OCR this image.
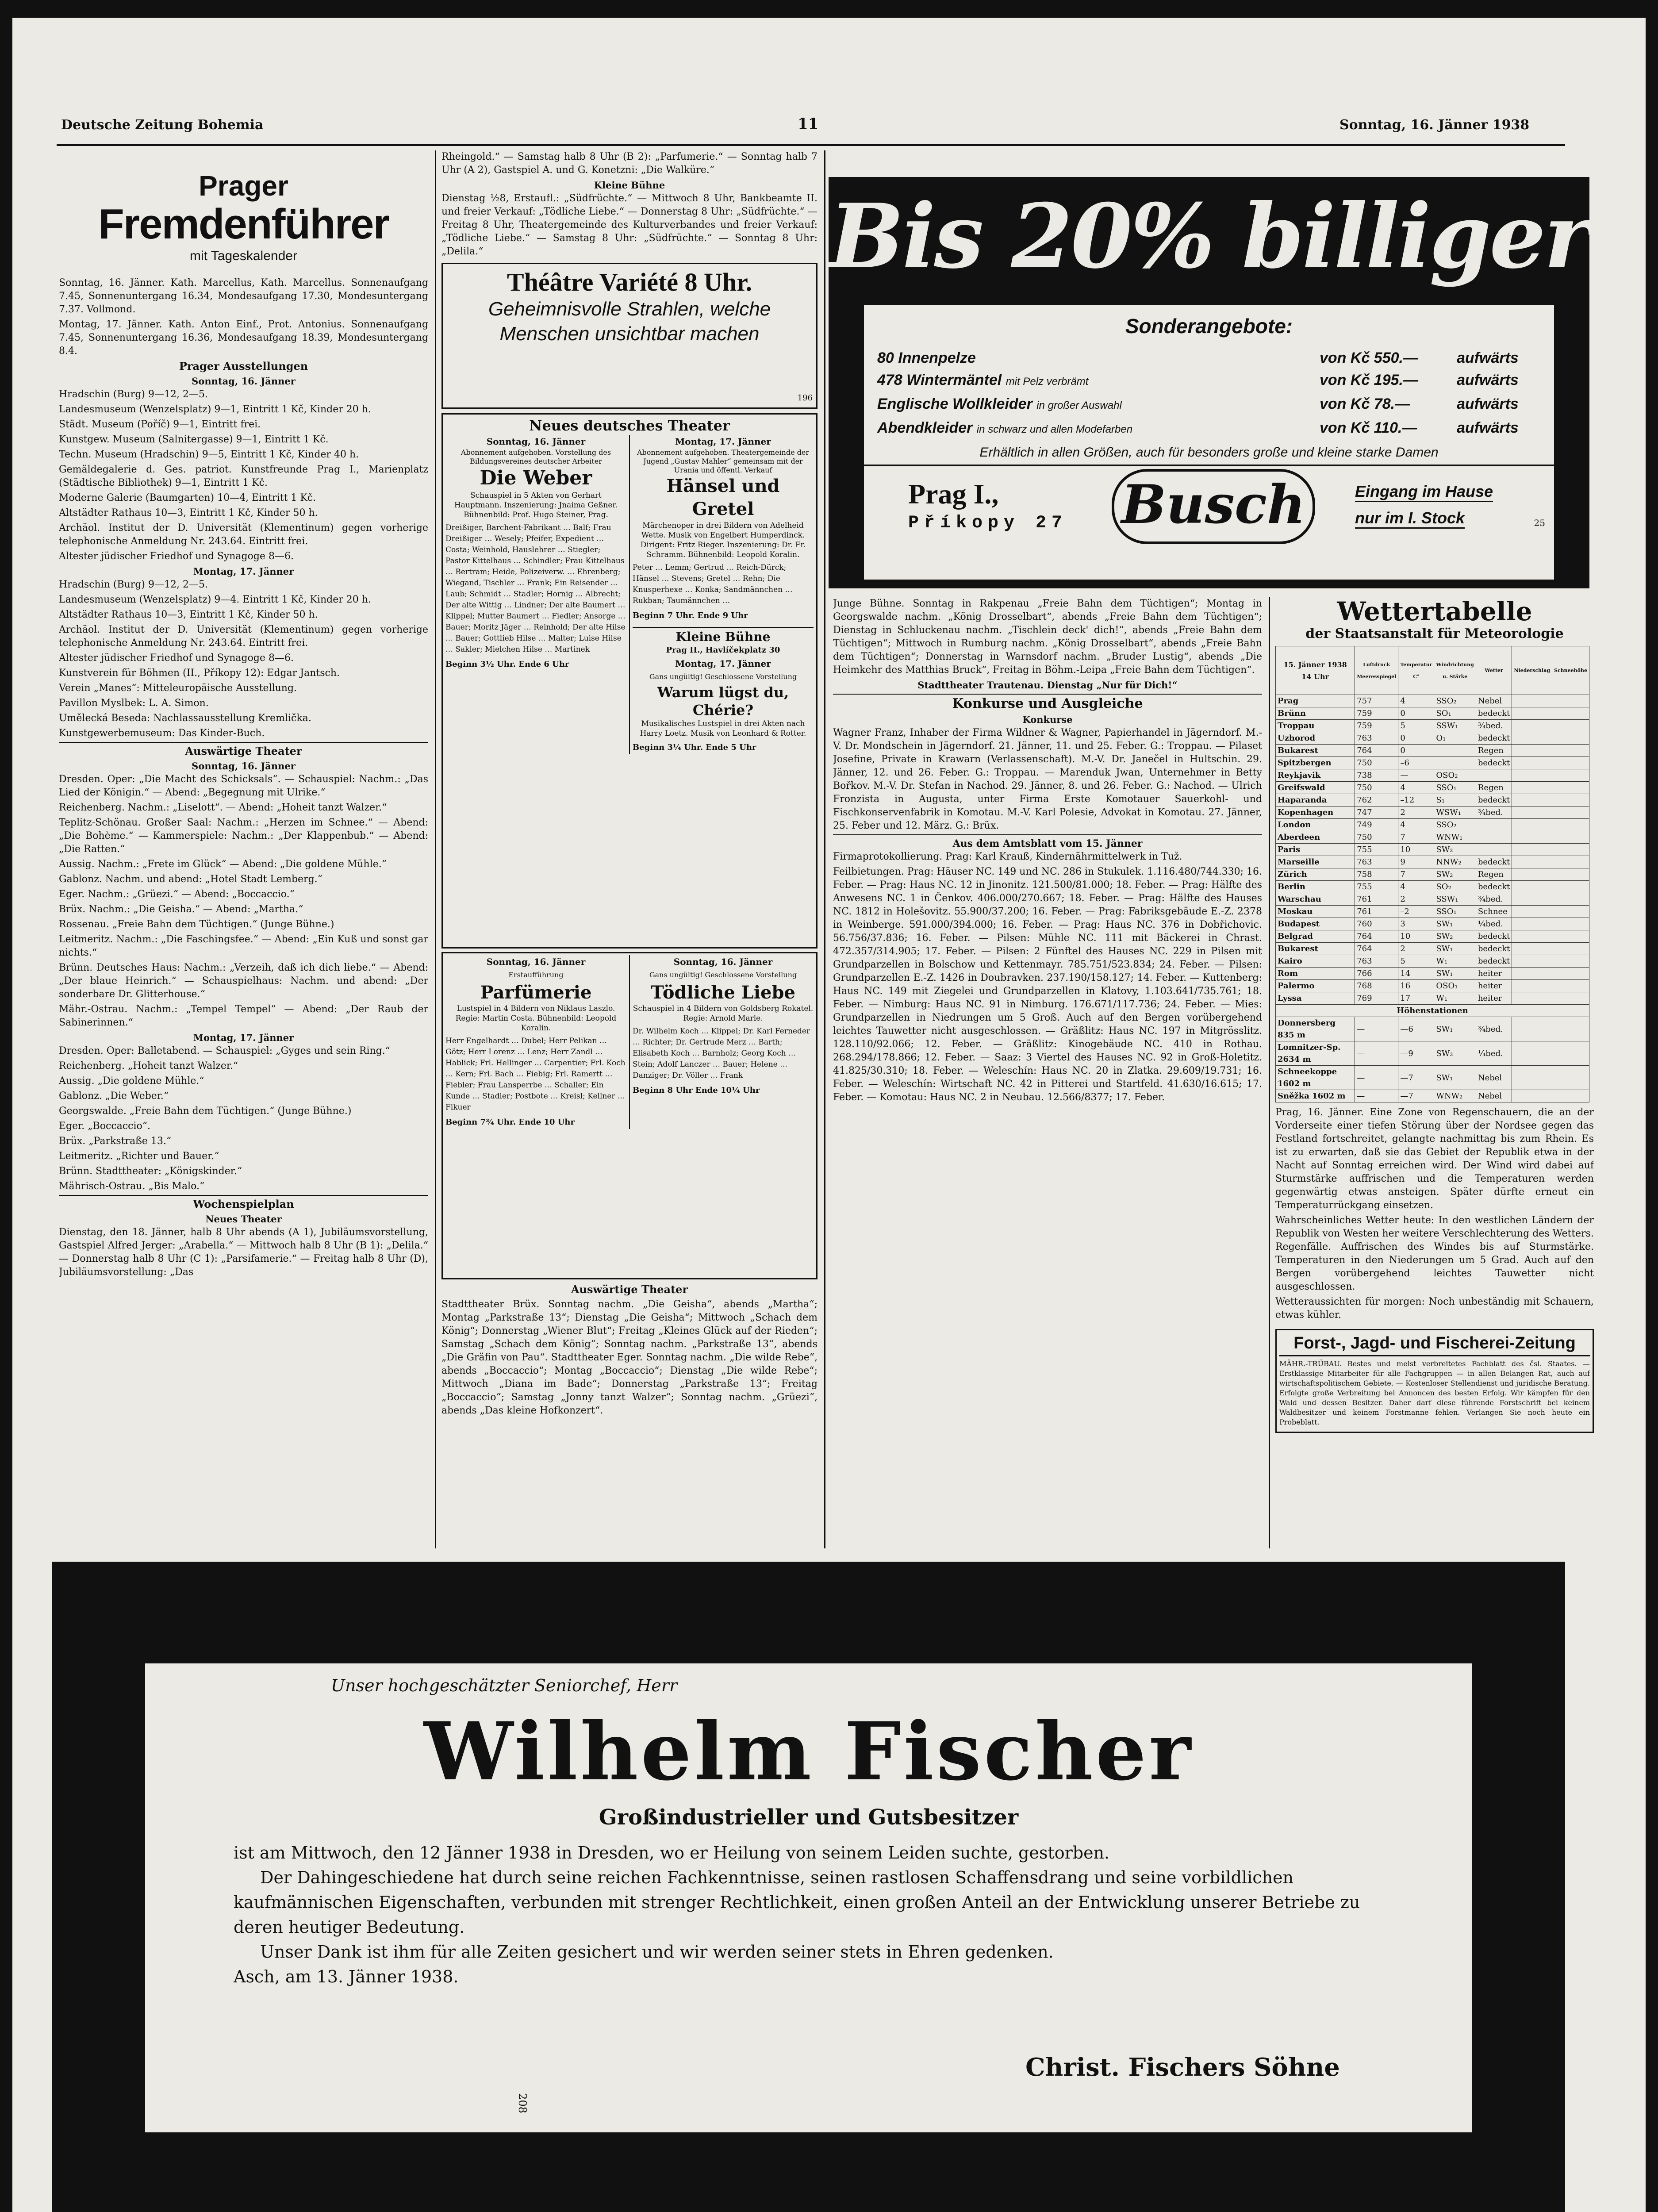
Deutsche Zeitung Bohemia	11	Sonntag, 16. Jänner 1938
Prager
Fremdenführer
mit Tageskalender

Sonntag, 16. Jänner. Kath. Marcellus, Kath. Marcellus. Sonnenaufgang 7.45, Sonnenuntergang 16.34, Mondesaufgang 17.30, Mondesuntergang 7.37. Vollmond.

Montag, 17. Jänner. Kath. Anton Einf., Prot. Antonius. Sonnenaufgang 7.45, Sonnenuntergang 16.36, Mondesaufgang 18.39, Mondesuntergang 8.4.

Prager Ausstellungen
Sonntag, 16. Jänner

Hradschin (Burg) 9—12, 2—5.

Landesmuseum (Wenzelsplatz) 9—1, Eintritt 1 Kč, Kinder 20 h.

Städt. Museum (Poříč) 9—1, Eintritt frei.

Kunstgew. Museum (Salnitergasse) 9—1, Eintritt 1 Kč.

Techn. Museum (Hradschin) 9—5, Eintritt 1 Kč, Kinder 40 h.

Gemäldegalerie d. Ges. patriot. Kunstfreunde Prag I., Marienplatz (Städtische Bibliothek) 9—1, Eintritt 1 Kč.

Moderne Galerie (Baumgarten) 10—4, Eintritt 1 Kč.

Altstädter Rathaus 10—3, Eintritt 1 Kč, Kinder 50 h.

Archäol. Institut der D. Universität (Klementinum) gegen vorherige telephonische Anmeldung Nr. 243.64. Eintritt frei.

Altester jüdischer Friedhof und Synagoge 8—6.

Montag, 17. Jänner

Hradschin (Burg) 9—12, 2—5.

Landesmuseum (Wenzelsplatz) 9—4. Eintritt 1 Kč, Kinder 20 h.

Altstädter Rathaus 10—3, Eintritt 1 Kč, Kinder 50 h.

Archäol. Institut der D. Universität (Klementinum) gegen vorherige telephonische Anmeldung Nr. 243.64. Eintritt frei.

Altester jüdischer Friedhof und Synagoge 8—6.

Kunstverein für Böhmen (II., Příkopy 12): Edgar Jantsch.

Verein „Manes“: Mitteleuropäische Ausstellung.

Pavillon Myslbek: L. A. Simon.

Umělecká Beseda: Nachlassausstellung Kremlička.

Kunstgewerbemuseum: Das Kinder-Buch.

Auswärtige Theater
Sonntag, 16. Jänner

Dresden. Oper: „Die Macht des Schicksals“. — Schauspiel: Nachm.: „Das Lied der Königin.“ — Abend: „Begegnung mit Ulrike.“

Reichenberg. Nachm.: „Liselott“. — Abend: „Hoheit tanzt Walzer.“

Teplitz-Schönau. Großer Saal: Nachm.: „Herzen im Schnee.“ — Abend: „Die Bohème.“ — Kammerspiele: Nachm.: „Der Klappenbub.“ — Abend: „Die Ratten.“

Aussig. Nachm.: „Frete im Glück“ — Abend: „Die goldene Mühle.“

Gablonz. Nachm. und abend: „Hotel Stadt Lemberg.“

Eger. Nachm.: „Grüezi.“ — Abend: „Boccaccio.“

Brüx. Nachm.: „Die Geisha.“ — Abend: „Martha.“

Rossenau. „Freie Bahn dem Tüchtigen.“ (Junge Bühne.)

Leitmeritz. Nachm.: „Die Faschingsfee.“ — Abend: „Ein Kuß und sonst gar nichts.“

Brünn. Deutsches Haus: Nachm.: „Verzeih, daß ich dich liebe.“ — Abend: „Der blaue Heinrich.“ — Schauspielhaus: Nachm. und abend: „Der sonderbare Dr. Glitterhouse.“

Mähr.-Ostrau. Nachm.: „Tempel Tempel“ — Abend: „Der Raub der Sabinerinnen.“

Montag, 17. Jänner

Dresden. Oper: Balletabend. — Schauspiel: „Gyges und sein Ring.“

Reichenberg. „Hoheit tanzt Walzer.“

Aussig. „Die goldene Mühle.“

Gablonz. „Die Weber.“

Georgswalde. „Freie Bahn dem Tüchtigen.“ (Junge Bühne.)

Eger. „Boccaccio“.

Brüx. „Parkstraße 13.“

Leitmeritz. „Richter und Bauer.“

Brünn. Stadttheater: „Königskinder.“

Mährisch-Ostrau. „Bis Malo.“

Wochenspielplan
Neues Theater

Dienstag, den 18. Jänner, halb 8 Uhr abends (A 1), Jubiläumsvorstellung, Gastspiel Alfred Jerger: „Arabella.“ — Mittwoch halb 8 Uhr (B 1): „Delila.“ — Donnerstag halb 8 Uhr (C 1): „Parsifamerie.“ — Freitag halb 8 Uhr (D), Jubiläumsvorstellung: „Das

Rheingold.“ — Samstag halb 8 Uhr (B 2): „Parfumerie.“ — Sonntag halb 7 Uhr (A 2), Gastspiel A. und G. Konetzni: „Die Walküre.“

Kleine Bühne

Dienstag ½8, Erstaufl.: „Südfrüchte.“ — Mittwoch 8 Uhr, Bankbeamte II. und freier Verkauf: „Tödliche Liebe.“ — Donnerstag 8 Uhr: „Südfrüchte.“ — Freitag 8 Uhr, Theatergemeinde des Kulturverbandes und freier Verkauf: „Tödliche Liebe.“ — Samstag 8 Uhr: „Südfrüchte.“ — Sonntag 8 Uhr: „Delila.“

Théâtre Variété 8 Uhr.
Geheimnisvolle Strahlen, welche Menschen unsichtbar machen
196
Neues deutsches Theater
Sonntag, 16. Jänner
Abonnement aufgehoben. Vorstellung des Bildungsvereines deutscher Arbeiter
Die Weber
Schauspiel in 5 Akten von Gerhart Hauptmann. Inszenierung: Jnaima Geßner. Bühnenbild: Prof. Hugo Steiner, Prag.
Dreißiger, Barchent-Fabrikant … Balf; Frau Dreißiger … Wesely; Pfeifer, Expedient … Costa; Weinhold, Hauslehrer … Stiegler; Pastor Kittelhaus … Schindler; Frau Kittelhaus … Bertram; Heide, Polizeiverw. … Ehrenberg; Wiegand, Tischler … Frank; Ein Reisender … Laub; Schmidt … Stadler; Hornig … Albrecht; Der alte Wittig … Lindner; Der alte Baumert … Klippel; Mutter Baumert … Fiedler; Ansorge … Bauer; Moritz Jäger … Reinhold; Der alte Hilse … Bauer; Gottlieb Hilse … Malter; Luise Hilse … Sakler; Mielchen Hilse … Martinek
Beginn 3½ Uhr. Ende 6 Uhr
Montag, 17. Jänner
Abonnement aufgehoben. Theatergemeinde der Jugend „Gustav Mahler“ gemeinsam mit der Urania und öffentl. Verkauf
Hänsel und Gretel
Märchenoper in drei Bildern von Adelheid Wette. Musik von Engelbert Humperdinck. Dirigent: Fritz Rieger. Inszenierung: Dr. Fr. Schramm. Bühnenbild: Leopold Koralin.
Peter … Lemm; Gertrud … Reich-Dürck; Hänsel … Stevens; Gretel … Rehn; Die Knusperhexe … Konka; Sandmännchen … Rukban; Taumännchen …
Beginn 7 Uhr. Ende 9 Uhr
Kleine Bühne
Prag II., Havlíčekplatz 30
Montag, 17. Jänner
Gans ungültig! Geschlossene Vorstellung
Warum lügst du, Chérie?
Musikalisches Lustspiel in drei Akten nach Harry Loetz. Musik von Leonhard & Rotter.
Beginn 3¼ Uhr. Ende 5 Uhr
Sonntag, 16. Jänner
Erstaufführung
Parfümerie
Lustspiel in 4 Bildern von Niklaus Laszlo. Regie: Martin Costa. Bühnenbild: Leopold Koralin.
Herr Engelhardt … Dubel; Herr Pelikan … Götz; Herr Lorenz … Lenz; Herr Zandl … Hablick; Frl. Hellinger … Carpentier; Frl. Koch … Kern; Frl. Bach … Fiebig; Frl. Ramertt … Fiebler; Frau Lansperrbe … Schaller; Ein Kunde … Stadler; Postbote … Kreisl; Kellner … Fikuer
Beginn 7¾ Uhr. Ende 10 Uhr
Sonntag, 16. Jänner
Gans ungültig! Geschlossene Vorstellung
Tödliche Liebe
Schauspiel in 4 Bildern von Goldsberg Rokatel. Regie: Arnold Marle.
Dr. Wilhelm Koch … Klippel; Dr. Karl Ferneder … Richter; Dr. Gertrude Merz … Barth; Elisabeth Koch … Barnholz; Georg Koch … Stein; Adolf Lanczer … Bauer; Helene … Danziger; Dr. Völler … Frank
Beginn 8 Uhr Ende 10¼ Uhr
Auswärtige Theater

Stadttheater Brüx. Sonntag nachm. „Die Geisha“, abends „Martha“; Montag „Parkstraße 13“; Dienstag „Die Geisha“; Mittwoch „Schach dem König“; Donnerstag „Wiener Blut“; Freitag „Kleines Glück auf der Rieden“; Samstag „Schach dem König“; Sonntag nachm. „Parkstraße 13“, abends „Die Gräfin von Pau“. Stadttheater Eger. Sonntag nachm. „Die wilde Rebe“, abends „Boccaccio“; Montag „Boccaccio“; Dienstag „Die wilde Rebe“; Mittwoch „Diana im Bade“; Donnerstag „Parkstraße 13“; Freitag „Boccaccio“; Samstag „Jonny tanzt Walzer“; Sonntag nachm. „Grüezi“, abends „Das kleine Hofkonzert“.

Bis 20% billiger
Sonderangebote:
80 Innenpelze	von Kč 550.—	aufwärts
478 Wintermäntel mit Pelz verbrämt	von Kč 195.—	aufwärts
Englische Wollkleider in großer Auswahl	von Kč 78.—	aufwärts
Abendkleider in schwarz und allen Modefarben	von Kč 110.—	aufwärts
Erhältlich in allen Größen, auch für besonders große und kleine starke Damen
Prag I.,
Příkopy 27 Busch	Eingang im Hause
nur im I. Stock	25

Junge Bühne. Sonntag in Rakpenau „Freie Bahn dem Tüchtigen“; Montag in Georgswalde nachm. „König Drosselbart“, abends „Freie Bahn dem Tüchtigen“; Dienstag in Schluckenau nachm. „Tischlein deck' dich!“, abends „Freie Bahn dem Tüchtigen“; Mittwoch in Rumburg nachm. „König Drosselbart“, abends „Freie Bahn dem Tüchtigen“; Donnerstag in Warnsdorf nachm. „Bruder Lustig“, abends „Die Heimkehr des Matthias Bruck“, Freitag in Böhm.-Leipa „Freie Bahn dem Tüchtigen“.

Stadttheater Trautenau. Dienstag „Nur für Dich!“
Konkurse und Ausgleiche
Konkurse

Wagner Franz, Inhaber der Firma Wildner & Wagner, Papierhandel in Jägerndorf. M.-V. Dr. Mondschein in Jägerndorf. 21. Jänner, 11. und 25. Feber. G.: Troppau. — Pilaset Josefine, Private in Krawarn (Verlassenschaft). M.-V. Dr. Janečel in Hultschin. 29. Jänner, 12. und 26. Feber. G.: Troppau. — Marenduk Jwan, Unternehmer in Betty Bořkov. M.-V. Dr. Stefan in Nachod. 29. Jänner, 8. und 26. Feber. G.: Nachod. — Ulrich Fronzista in Augusta, unter Firma Erste Komotauer Sauerkohl- und Fischkonservenfabrik in Komotau. M.-V. Karl Polesie, Advokat in Komotau. 27. Jänner, 25. Feber und 12. März. G.: Brüx.

Aus dem Amtsblatt vom 15. Jänner

Firmaprotokollierung. Prag: Karl Krauß, Kindernährmittelwerk in Tuž.

Feilbietungen. Prag: Häuser NC. 149 und NC. 286 in Stukulek. 1.116.480/744.330; 16. Feber. — Prag: Haus NC. 12 in Jinonitz. 121.500/81.000; 18. Feber. — Prag: Hälfte des Anwesens NC. 1 in Čenkov. 406.000/270.667; 18. Feber. — Prag: Hälfte des Hauses NC. 1812 in Holešovitz. 55.900/37.200; 16. Feber. — Prag: Fabriksgebäude E.-Z. 2378 in Weinberge. 591.000/394.000; 16. Feber. — Prag: Haus NC. 376 in Dobřichovic. 56.756/37.836; 16. Feber. — Pilsen: Mühle NC. 111 mit Bäckerei in Chrast. 472.357/314.905; 17. Feber. — Pilsen: 2 Fünftel des Hauses NC. 229 in Pilsen mit Grundparzellen in Bolschow und Kettenmayr. 785.751/523.834; 24. Feber. — Pilsen: Grundparzellen E.-Z. 1426 in Doubravken. 237.190/158.127; 14. Feber. — Kuttenberg: Haus NC. 149 mit Ziegelei und Grundparzellen in Klatovy, 1.103.641/735.761; 18. Feber. — Nimburg: Haus NC. 91 in Nimburg. 176.671/117.736; 24. Feber. — Mies: Grundparzellen in Niedrungen um 5 Groß. Auch auf den Bergen vorübergehend leichtes Tauwetter nicht ausgeschlossen. — Gräßlitz: Haus NC. 197 in Mitgrösslitz. 128.110/92.066; 12. Feber. — Gräßlitz: Kinogebäude NC. 410 in Rothau. 268.294/178.866; 12. Feber. — Saaz: 3 Viertel des Hauses NC. 92 in Groß-Holetitz. 41.825/30.310; 18. Feber. — Weleschín: Haus NC. 20 in Zlatka. 29.609/19.731; 16. Feber. — Weleschín: Wirtschaft NC. 42 in Pitterei und Startfeld. 41.630/16.615; 17. Feber. — Komotau: Haus NC. 2 in Neubau. 12.566/8377; 17. Feber.

Wettertabelle
der Staatsanstalt für Meteorologie
15. Jänner 1938
14 Uhr	Luftdruck Meeresspiegel	Temperatur C°	Windrichtung u. Stärke	Wetter	Niederschlag	Schneehöhe
Prag	757	4	SSO₂	Nebel		
Brünn	759	0	SO₁	bedeckt		
Troppau	759	5	SSW₁	¾bed.		
Uzhorod	763	0	O₁	bedeckt		
Bukarest	764	0		Regen		
Spitzbergen	750	–6		bedeckt		
Reykjavik	738	—	OSO₂			
Greifswald	750	4	SSO₁	Regen		
Haparanda	762	–12	S₁	bedeckt		
Kopenhagen	747	2	WSW₁	¾bed.		
London	749	4	SSO₂			
Aberdeen	750	7	WNW₁			
Paris	755	10	SW₂			
Marseille	763	9	NNW₂	bedeckt		
Zürich	758	7	SW₂	Regen		
Berlin	755	4	SO₂	bedeckt		
Warschau	761	2	SSW₁	¾bed.		
Moskau	761	–2	SSO₁	Schnee		
Budapest	760	3	SW₁	¼bed.		
Belgrad	764	10	SW₂	bedeckt		
Bukarest	764	2	SW₁	bedeckt		
Kairo	763	5	W₁	bedeckt		
Rom	766	14	SW₁	heiter		
Palermo	768	16	OSO₁	heiter		
Lyssa	769	17	W₁	heiter		
Höhenstationen						
Donnersberg 835 m	—	—6	SW₁	¾bed.		
Lomnitzer-Sp. 2634 m	—	—9	SW₃	¼bed.		
Schneekoppe 1602 m	—	—7	SW₁	Nebel		
Sněžka 1602 m	—	—7	WNW₂	Nebel		

Prag, 16. Jänner. Eine Zone von Regenschauern, die an der Vorderseite einer tiefen Störung über der Nordsee gegen das Festland fortschreitet, gelangte nachmittag bis zum Rhein. Es ist zu erwarten, daß sie das Gebiet der Republik etwa in der Nacht auf Sonntag erreichen wird. Der Wind wird dabei auf Sturmstärke auffrischen und die Temperaturen werden gegenwärtig etwas ansteigen. Später dürfte erneut ein Temperaturrückgang einsetzen.

Wahrscheinliches Wetter heute: In den westlichen Ländern der Republik von Westen her weitere Verschlechterung des Wetters. Regenfälle. Auffrischen des Windes bis auf Sturmstärke. Temperaturen in den Niederungen um 5 Grad. Auch auf den Bergen vorübergehend leichtes Tauwetter nicht ausgeschlossen.

Wetteraussichten für morgen: Noch unbeständig mit Schauern, etwas kühler.

Forst-, Jagd- und Fischerei-Zeitung

MÄHR.-TRÜBAU. Bestes und meist verbreitetes Fachblatt des čsl. Staates. — Erstklassige Mitarbeiter für alle Fachgruppen — in allen Belangen Rat, auch auf wirtschaftspolitischem Gebiete. — Kostenloser Stellendienst und juridische Beratung. Erfolgte große Verbreitung bei Annoncen des besten Erfolg. Wir kämpfen für den Wald und dessen Besitzer. Daher darf diese führende Forstschrift bei keinem Waldbesitzer und keinem Forstmanne fehlen. Verlangen Sie noch heute ein Probeblatt.

Unser hochgeschätzter Seniorchef, Herr
Wilhelm Fischer
Großindustrieller und Gutsbesitzer

ist am Mittwoch, den 12 Jänner 1938 in Dresden, wo er Heilung von seinem Leiden suchte, gestorben.

Der Dahingeschiedene hat durch seine reichen Fachkenntnisse, seinen rastlosen Schaffensdrang und seine vorbildlichen kaufmännischen Eigenschaften, verbunden mit strenger Rechtlichkeit, einen großen Anteil an der Entwicklung unserer Betriebe zu deren heutiger Bedeutung.

Unser Dank ist ihm für alle Zeiten gesichert und wir werden seiner stets in Ehren gedenken.

Asch, am 13. Jänner 1938.

Christ. Fischers Söhne
208
